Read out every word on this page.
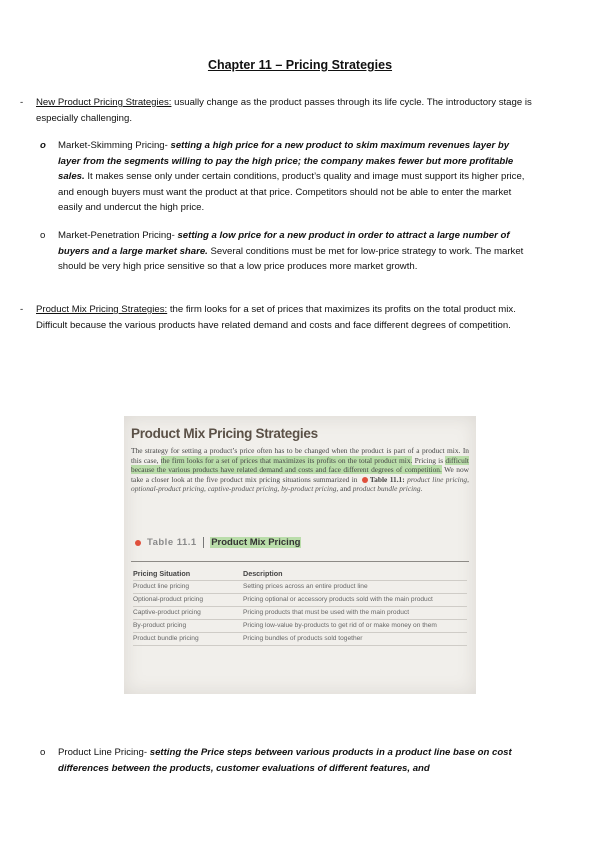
Chapter 11 – Pricing Strategies
- New Product Pricing Strategies: usually change as the product passes through its life cycle. The introductory stage is especially challenging.
o Market-Skimming Pricing- setting a high price for a new product to skim maximum revenues layer by layer from the segments willing to pay the high price; the company makes fewer but more profitable sales. It makes sense only under certain conditions, product’s quality and image must support its higher price, and enough buyers must want the product at that price. Competitors should not be able to enter the market easily and undercut the high price.
o Market-Penetration Pricing- setting a low price for a new product in order to attract a large number of buyers and a large market share. Several conditions must be met for low-price strategy to work. The market should be very high price sensitive so that a low price produces more market growth.
- Product Mix Pricing Strategies: the firm looks for a set of prices that maximizes its profits on the total product mix. Difficult because the various products have related demand and costs and face different degrees of competition.
Product Mix Pricing Strategies
The strategy for setting a product’s price often has to be changed when the product is part of a product mix. In this case, the firm looks for a set of prices that maximizes its profits on the total product mix. Pricing is difficult because the various products have related demand and costs and face different degrees of competition. We now take a closer look at the five product mix pricing situations summarized in Table 11.1: product line pricing, optional-product pricing, captive-product pricing, by-product pricing, and product bundle pricing.
Table 11.1 Product Mix Pricing
Pricing Situation	Description
Product line pricing	Setting prices across an entire product line
Optional-product pricing	Pricing optional or accessory products sold with the main product
Captive-product pricing	Pricing products that must be used with the main product
By-product pricing	Pricing low-value by-products to get rid of or make money on them
Product bundle pricing	Pricing bundles of products sold together
o Product Line Pricing- setting the Price steps between various products in a product line base on cost differences between the products, customer evaluations of different features, and
